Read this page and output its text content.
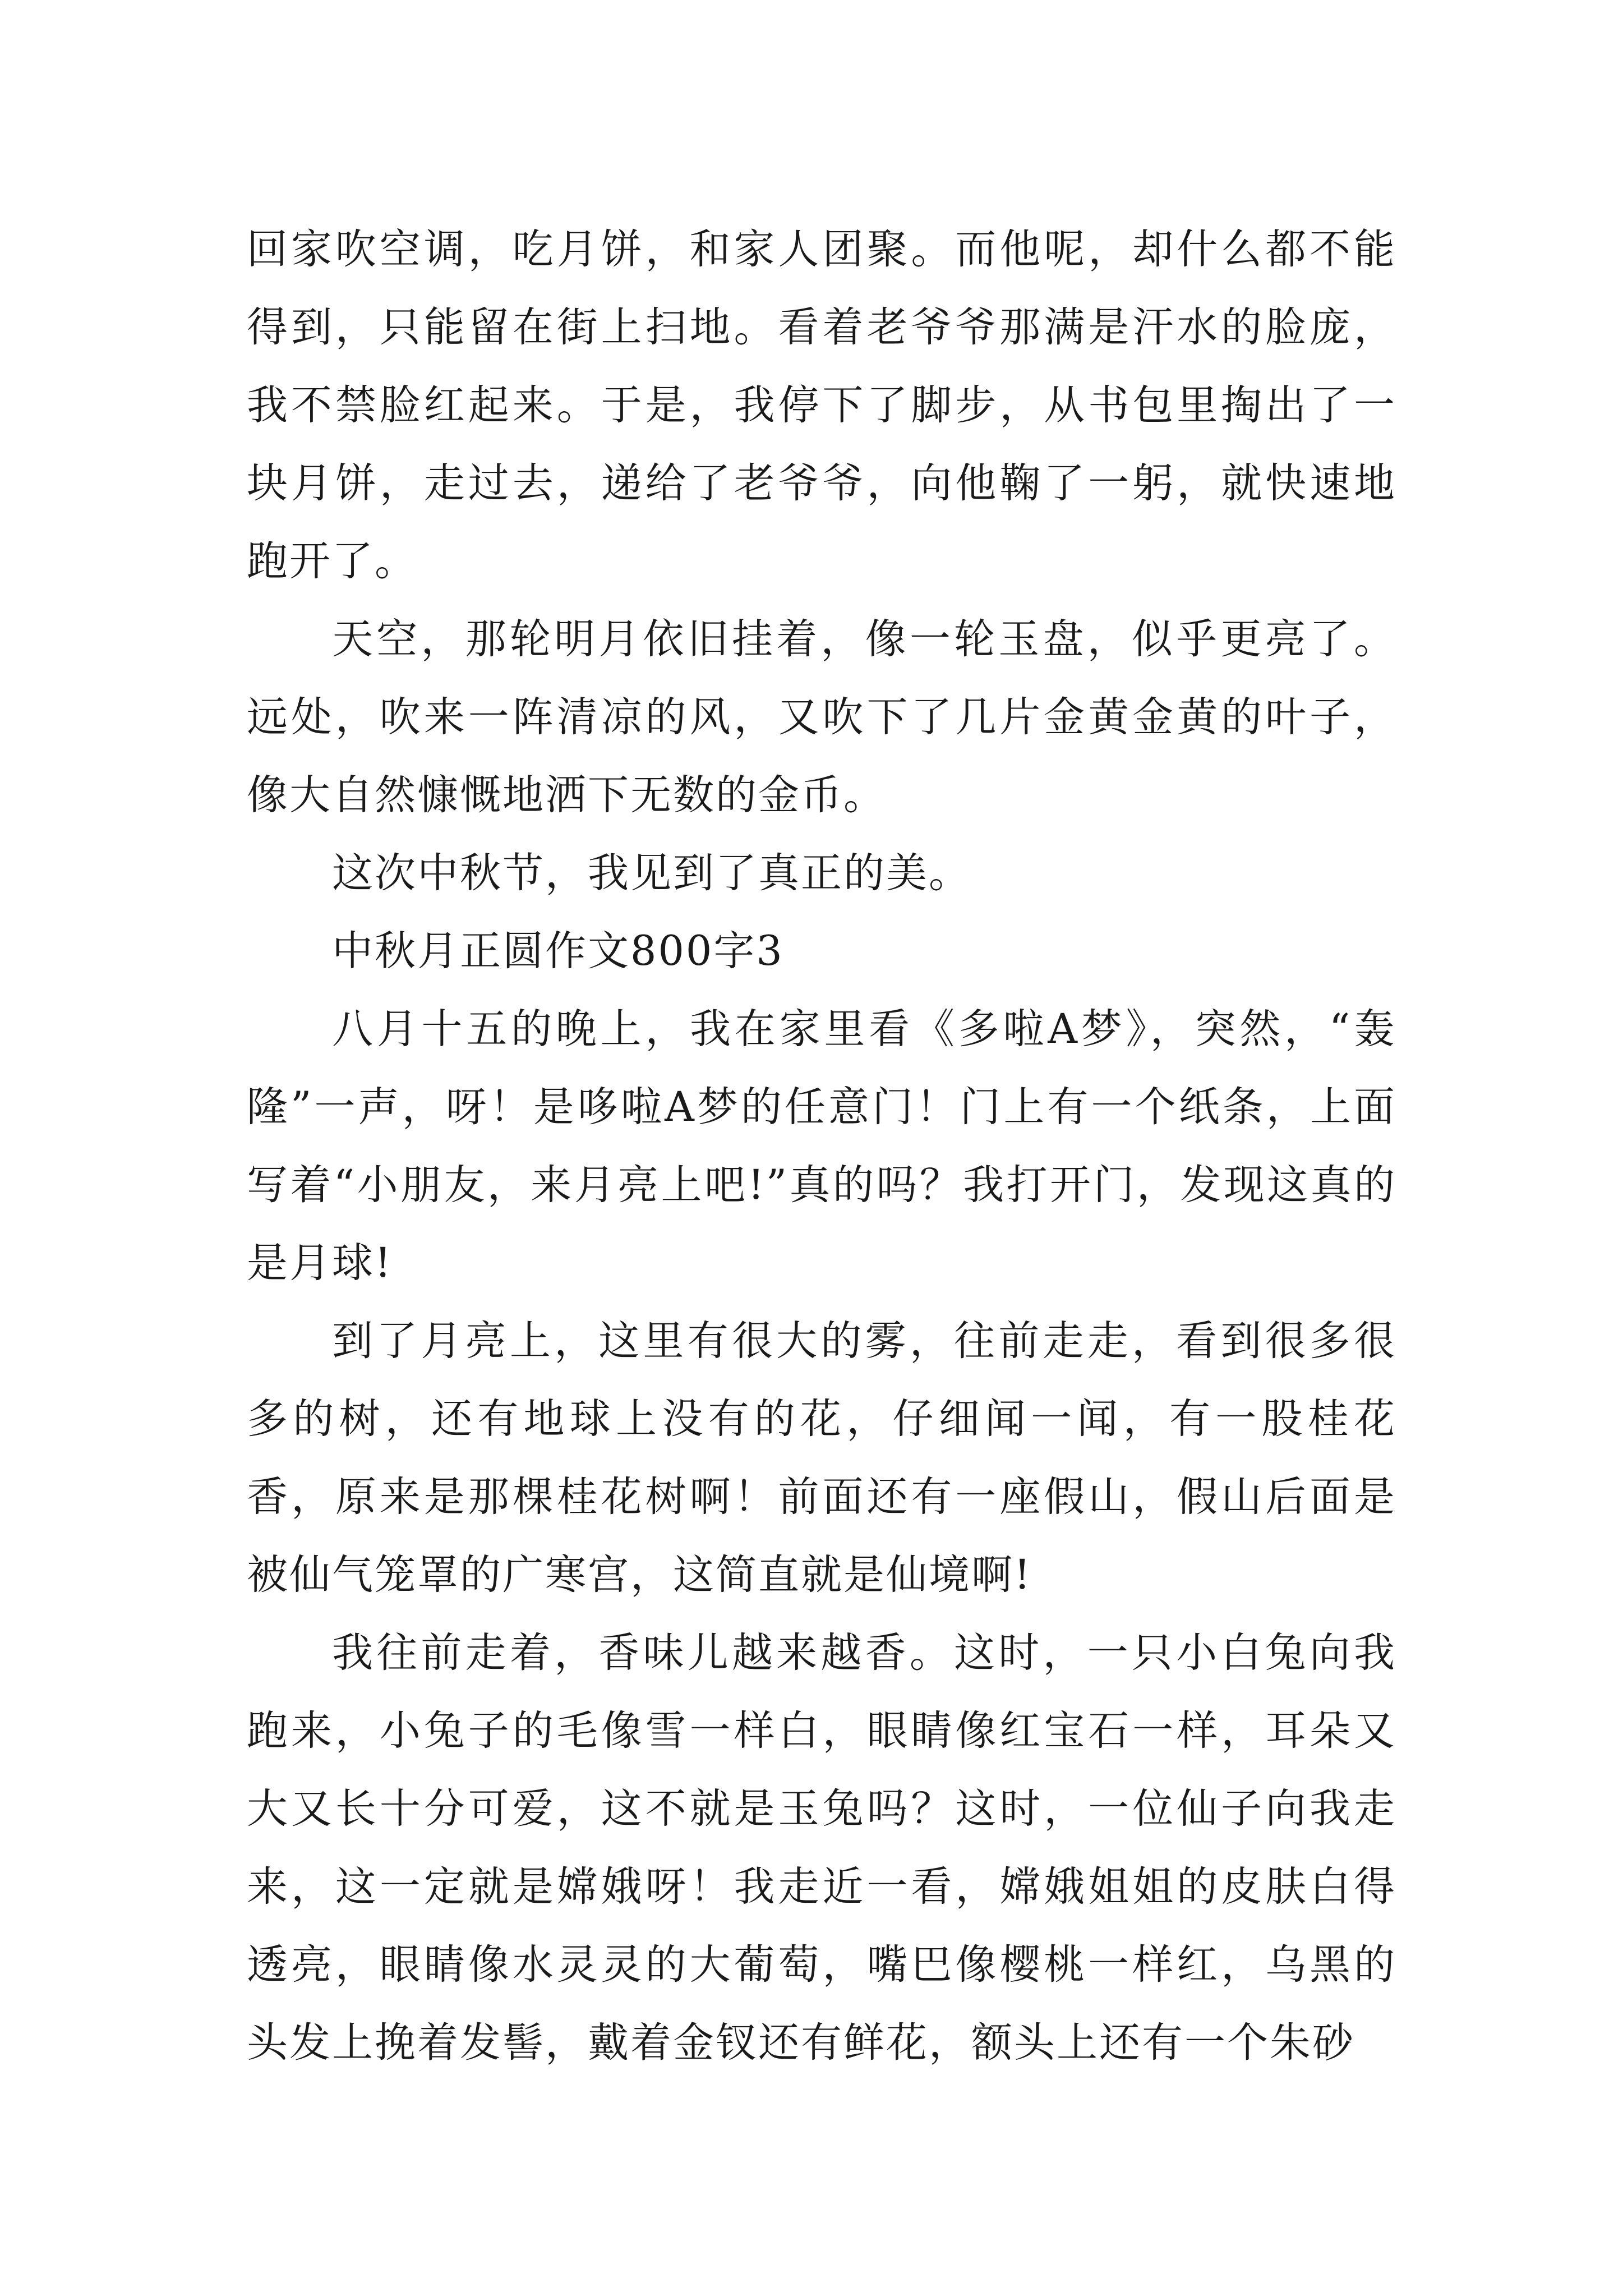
回家吹空调，吃月饼，和家人团聚。而他呢，却什么都不能得到，只能留在街上扫地。看着老爷爷那满是汗水的脸庞，我不禁脸红起来。于是，我停下了脚步，从书包里掏出了一块月饼，走过去，递给了老爷爷，向他鞠了一躬，就快速地跑开了。

天空，那轮明月依旧挂着，像一轮玉盘，似乎更亮了。远处，吹来一阵清凉的风，又吹下了几片金黄金黄的叶子，像大自然慷慨地洒下无数的金币。

这次中秋节，我见到了真正的美。

中秋月正圆作文800字3

八月十五的晚上，我在家里看《多啦A梦》，突然，“轰隆”一声，呀！是哆啦A梦的任意门！门上有一个纸条，上面写着“小朋友，来月亮上吧!”真的吗？我打开门，发现这真的是月球!

到了月亮上，这里有很大的雾，往前走走，看到很多很多的树，还有地球上没有的花，仔细闻一闻，有一股桂花香，原来是那棵桂花树啊！前面还有一座假山，假山后面是被仙气笼罩的广寒宫，这简直就是仙境啊!

我往前走着，香味儿越来越香。这时，一只小白兔向我跑来，小兔子的毛像雪一样白，眼睛像红宝石一样，耳朵又大又长十分可爱，这不就是玉兔吗？这时，一位仙子向我走来，这一定就是嫦娥呀！我走近一看，嫦娥姐姐的皮肤白得透亮，眼睛像水灵灵的大葡萄，嘴巴像樱桃一样红，乌黑的头发上挽着发髻，戴着金钗还有鲜花，额头上还有一个朱砂
